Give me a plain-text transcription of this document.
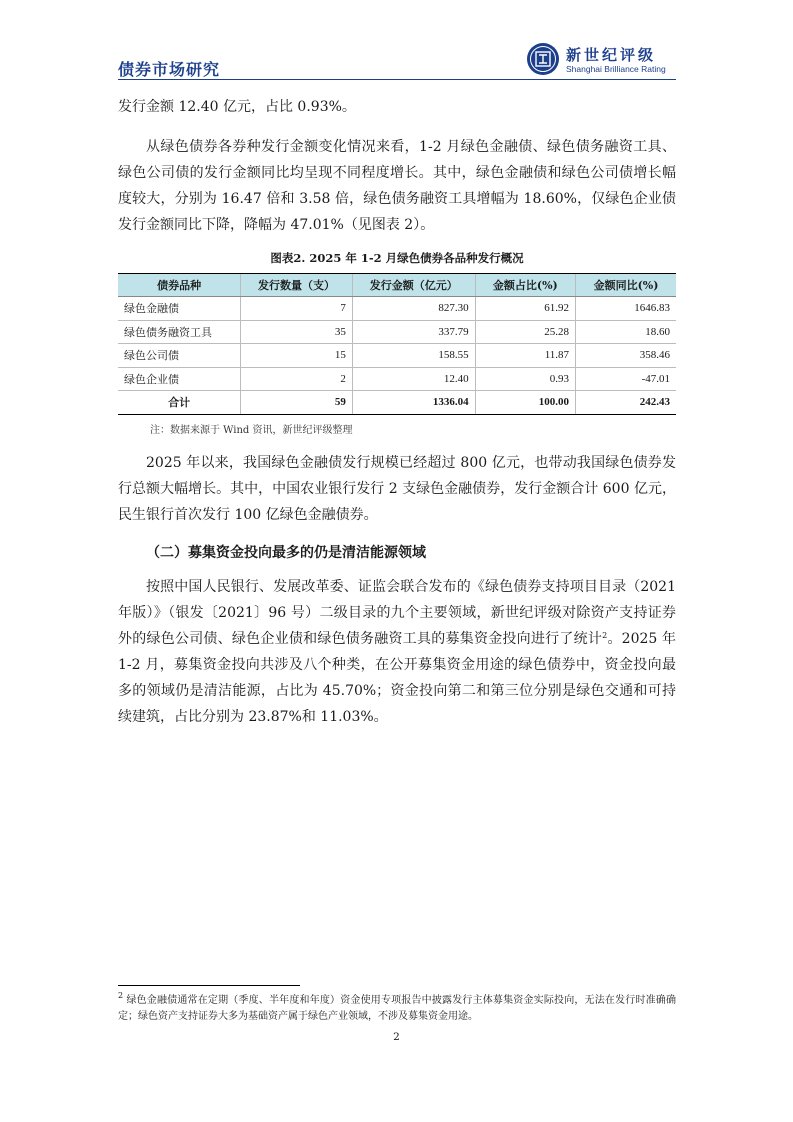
债券市场研究
新世纪评级
Shanghai Brilliance Rating

发行金额 12.40 亿元，占比 0.93%。

从绿色债券各券种发行金额变化情况来看，1-2 月绿色金融债、绿色债务融资工具、绿色公司债的发行金额同比均呈现不同程度增长。其中，绿色金融债和绿色公司债增长幅度较大，分别为 16.47 倍和 3.58 倍，绿色债务融资工具增幅为 18.60%，仅绿色企业债发行金额同比下降，降幅为 47.01%（见图表 2）。

图表2. 2025 年 1-2 月绿色债券各品种发行概况
债券品种	发行数量（支）	发行金额（亿元）	金额占比(%)	金额同比(%)
绿色金融债	7	827.30	61.92	1646.83
绿色债务融资工具	35	337.79	25.28	18.60
绿色公司债	15	158.55	11.87	358.46
绿色企业债	2	12.40	0.93	-47.01
合计	59	1336.04	100.00	242.43
注：数据来源于 Wind 资讯，新世纪评级整理

2025 年以来，我国绿色金融债发行规模已经超过 800 亿元，也带动我国绿色债券发行总额大幅增长。其中，中国农业银行发行 2 支绿色金融债券，发行金额合计 600 亿元，民生银行首次发行 100 亿绿色金融债券。

（二）募集资金投向最多的仍是清洁能源领域

按照中国人民银行、发展改革委、证监会联合发布的《绿色债券支持项目目录（2021 年版）》（银发〔2021〕96 号）二级目录的九个主要领域，新世纪评级对除资产支持证券外的绿色公司债、绿色企业债和绿色债务融资工具的募集资金投向进行了统计$^2$。2025 年 1-2 月，募集资金投向共涉及八个种类，在公开募集资金用途的绿色债券中，资金投向最多的领域仍是清洁能源，占比为 45.70%；资金投向第二和第三位分别是绿色交通和可持续建筑，占比分别为 23.87%和 11.03%。

$^2$ 绿色金融债通常在定期（季度、半年度和年度）资金使用专项报告中披露发行主体募集资金实际投向，无法在发行时准确确定；绿色资产支持证券大多为基础资产属于绿色产业领域，不涉及募集资金用途。
2
